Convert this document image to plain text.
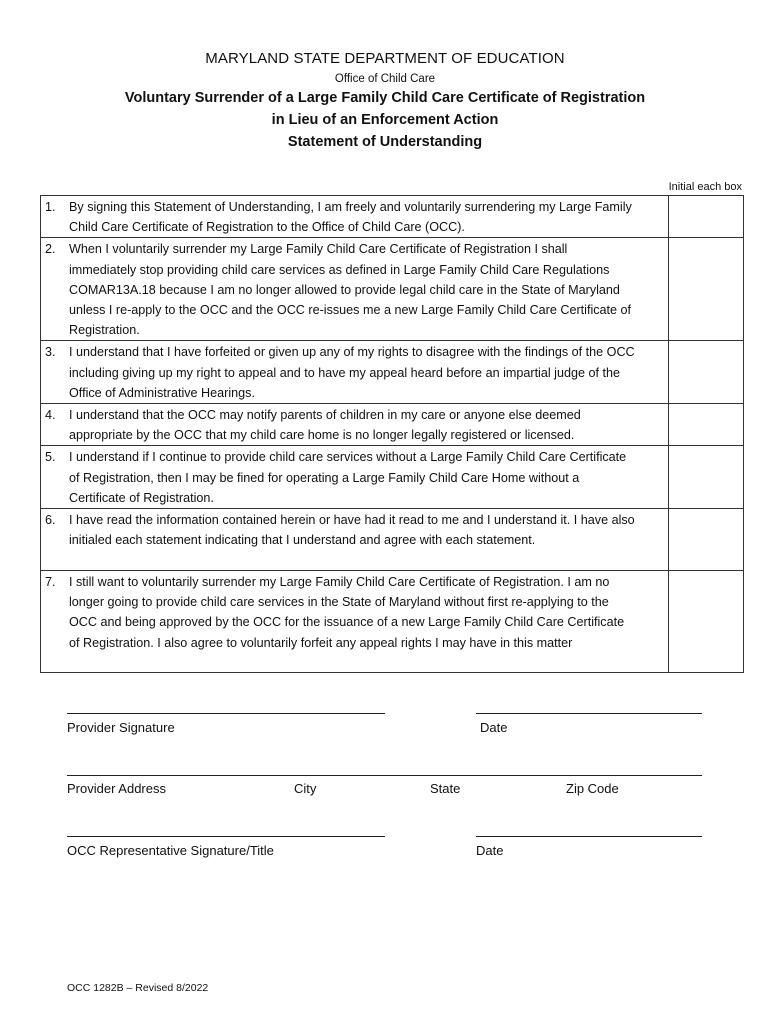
MARYLAND STATE DEPARTMENT OF EDUCATION
Office of Child Care
Voluntary Surrender of a Large Family Child Care Certificate of Registration
in Lieu of an Enforcement Action
Statement of Understanding
Initial each box
1. By signing this Statement of Understanding, I am freely and voluntarily surrendering my Large Family Child Care Certificate of Registration to the Office of Child Care (OCC).	

2. When I voluntarily surrender my Large Family Child Care Certificate of Registration I shall immediately stop providing child care services as defined in Large Family Child Care Regulations COMAR13A.18 because I am no longer allowed to provide legal child care in the State of Maryland unless I re-apply to the OCC and the OCC re-issues me a new Large Family Child Care Certificate of Registration.	

3. I understand that I have forfeited or given up any of my rights to disagree with the findings of the OCC including giving up my right to appeal and to have my appeal heard before an impartial judge of the Office of Administrative Hearings.	

4. I understand that the OCC may notify parents of children in my care or anyone else deemed appropriate by the OCC that my child care home is no longer legally registered or licensed.	

5. I understand if I continue to provide child care services without a Large Family Child Care Certificate of Registration, then I may be fined for operating a Large Family Child Care Home without a Certificate of Registration.	

6. I have read the information contained herein or have had it read to me and I understand it. I have also initialed each statement indicating that I understand and agree with each statement.	

7. I still want to voluntarily surrender my Large Family Child Care Certificate of Registration. I am no longer going to provide child care services in the State of Maryland without first re-applying to the OCC and being approved by the OCC for the issuance of a new Large Family Child Care Certificate of Registration. I also agree to voluntarily forfeit any appeal rights I may have in this matter	

Provider Signature	Date
Provider Address	City	State	Zip Code
OCC Representative Signature/Title	Date
OCC 1282B – Revised 8/2022
